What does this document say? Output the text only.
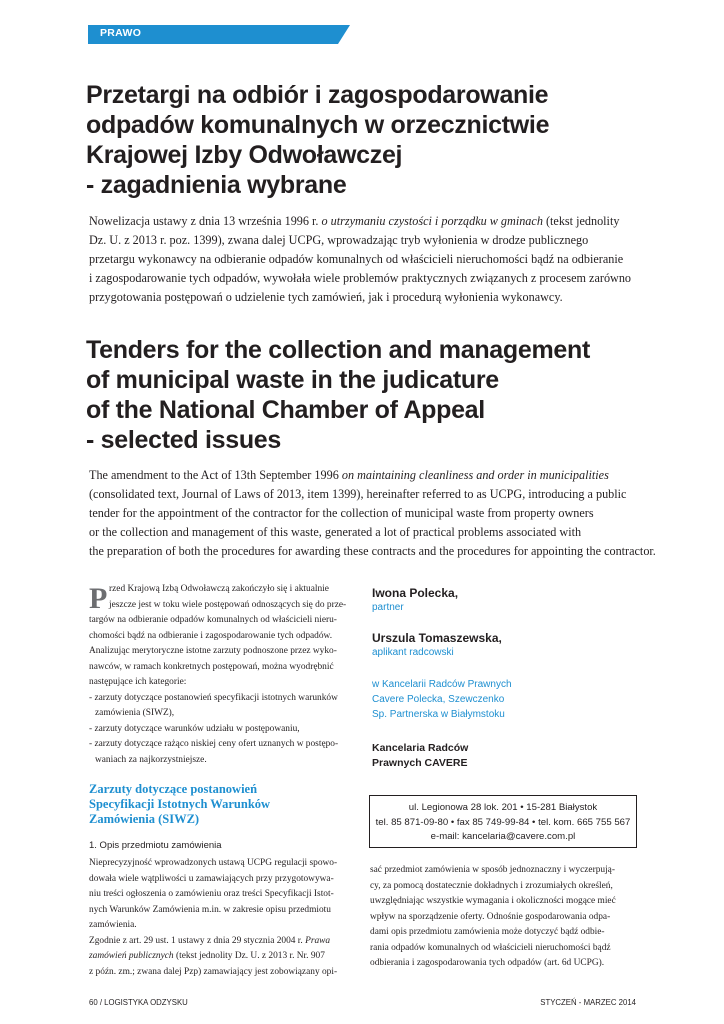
PRAWO
Przetargi na odbiór i zagospodarowanie
odpadów komunalnych w orzecznictwie
Krajowej Izby Odwoławczej
- zagadnienia wybrane
Nowelizacja ustawy z dnia 13 września 1996 r. o utrzymaniu czystości i porządku w gminach (tekst jednolity
Dz. U. z 2013 r. poz. 1399), zwana dalej UCPG, wprowadzając tryb wyłonienia w drodze publicznego
przetargu wykonawcy na odbieranie odpadów komunalnych od właścicieli nieruchomości bądź na odbieranie
i zagospodarowanie tych odpadów, wywołała wiele problemów praktycznych związanych z procesem zarówno
przygotowania postępowań o udzielenie tych zamówień, jak i procedurą wyłonienia wykonawcy.
Tenders for the collection and management
of municipal waste in the judicature
of the National Chamber of Appeal
- selected issues
The amendment to the Act of 13th September 1996 on maintaining cleanliness and order in municipalities
(consolidated text, Journal of Laws of 2013, item 1399), hereinafter referred to as UCPG, introducing a public
tender for the appointment of the contractor for the collection of municipal waste from property owners
or the collection and management of this waste, generated a lot of practical problems associated with
the preparation of both the procedures for awarding these contracts and the procedures for appointing the contractor.
P rzed Krajową Izbą Odwoławczą zakończyło się i aktualnie
jeszcze jest w toku wiele postępowań odnoszących się do prze-
targów na odbieranie odpadów komunalnych od właścicieli nieru-
chomości bądź na odbieranie i zagospodarowanie tych odpadów.
Analizując merytoryczne istotne zarzuty podnoszone przez wyko-
nawców, w ramach konkretnych postępowań, można wyodrębnić
następujące ich kategorie:
- zarzuty dotyczące postanowień specyfikacji istotnych warunków
zamówienia (SIWZ),
- zarzuty dotyczące warunków udziału w postępowaniu,
- zarzuty dotyczące rażąco niskiej ceny ofert uznanych w postępo-
waniach za najkorzystniejsze.
Zarzuty dotyczące postanowień
Specyfikacji Istotnych Warunków
Zamówienia (SIWZ)
1. Opis przedmiotu zamówienia
Nieprecyzyjność wprowadzonych ustawą UCPG regulacji spowo-
dowała wiele wątpliwości u zamawiających przy przygotowywa-
niu treści ogłoszenia o zamówieniu oraz treści Specyfikacji Istot-
nych Warunków Zamówienia m.in. w zakresie opisu przedmiotu
zamówienia.
Zgodnie z art. 29 ust. 1 ustawy z dnia 29 stycznia 2004 r. Prawa
zamówień publicznych (tekst jednolity Dz. U. z 2013 r. Nr. 907
z późn. zm.; zwana dalej Pzp) zamawiający jest zobowiązany opi-
Iwona Polecka,
partner
Urszula Tomaszewska,
aplikant radcowski
w Kancelarii Radców Prawnych
Cavere Polecka, Szewczenko
Sp. Partnerska w Białymstoku
Kancelaria Radców
Prawnych CAVERE
ul. Legionowa 28 lok. 201 • 15-281 Białystok
tel. 85 871-09-80 • fax 85 749-99-84 • tel. kom. 665 755 567
e-mail: kancelaria@cavere.com.pl
sać przedmiot zamówienia w sposób jednoznaczny i wyczerpują-
cy, za pomocą dostatecznie dokładnych i zrozumiałych określeń,
uwzględniając wszystkie wymagania i okoliczności mogące mieć
wpływ na sporządzenie oferty. Odnośnie gospodarowania odpa-
dami opis przedmiotu zamówienia może dotyczyć bądź odbie-
rania odpadów komunalnych od właścicieli nieruchomości bądź
odbierania i zagospodarowania tych odpadów (art. 6d UCPG).
60 / LOGISTYKA ODZYSKU	STYCZEŃ - MARZEC 2014
